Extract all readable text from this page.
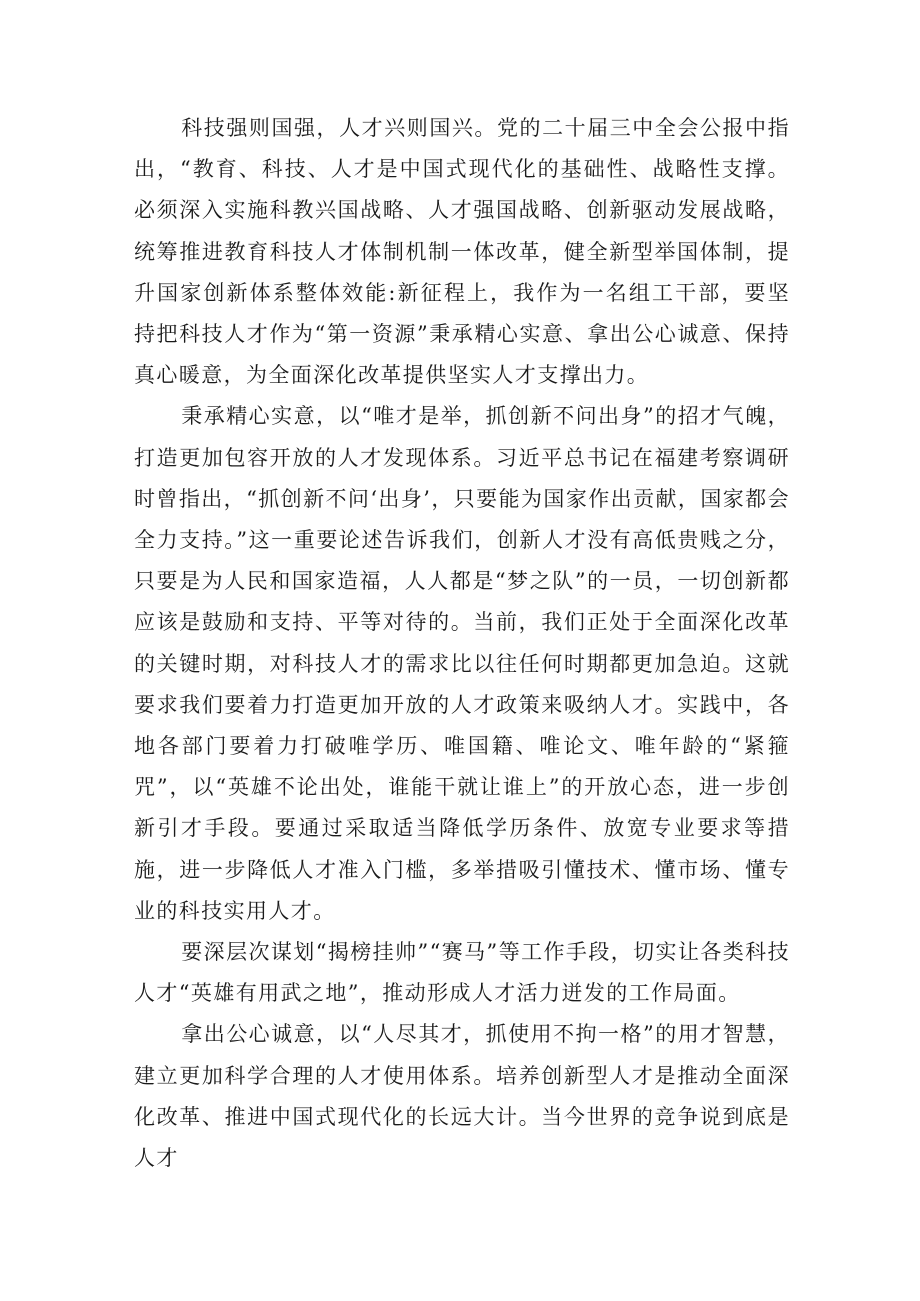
科技强则国强，人才兴则国兴。党的二十届三中全会公报中指出，“教育、科技、人才是中国式现代化的基础性、战略性支撑。必须深入实施科教兴国战略、人才强国战略、创新驱动发展战略，统筹推进教育科技人才体制机制一体改革，健全新型举国体制，提升国家创新体系整体效能:新征程上，我作为一名组工干部，要坚持把科技人才作为“第一资源”秉承精心实意、拿出公心诚意、保持真心暖意，为全面深化改革提供坚实人才支撑出力。

秉承精心实意，以“唯才是举，抓创新不问出身”的招才气魄，打造更加包容开放的人才发现体系。习近平总书记在福建考察调研时曾指出，“抓创新不问‘出身’，只要能为国家作出贡献，国家都会全力支持。”这一重要论述告诉我们，创新人才没有高低贵贱之分，只要是为人民和国家造福，人人都是“梦之队”的一员，一切创新都应该是鼓励和支持、平等对待的。当前，我们正处于全面深化改革的关键时期，对科技人才的需求比以往任何时期都更加急迫。这就要求我们要着力打造更加开放的人才政策来吸纳人才。实践中，各地各部门要着力打破唯学历、唯国籍、唯论文、唯年龄的“紧箍咒”，以“英雄不论出处，谁能干就让谁上”的开放心态，进一步创新引才手段。要通过采取适当降低学历条件、放宽专业要求等措施，进一步降低人才准入门槛，多举措吸引懂技术、懂市场、懂专业的科技实用人才。

要深层次谋划“揭榜挂帅”“赛马”等工作手段，切实让各类科技人才“英雄有用武之地”，推动形成人才活力迸发的工作局面。

拿出公心诚意，以“人尽其才，抓使用不拘一格”的用才智慧，建立更加科学合理的人才使用体系。培养创新型人才是推动全面深化改革、推进中国式现代化的长远大计。当今世界的竞争说到底是人才
